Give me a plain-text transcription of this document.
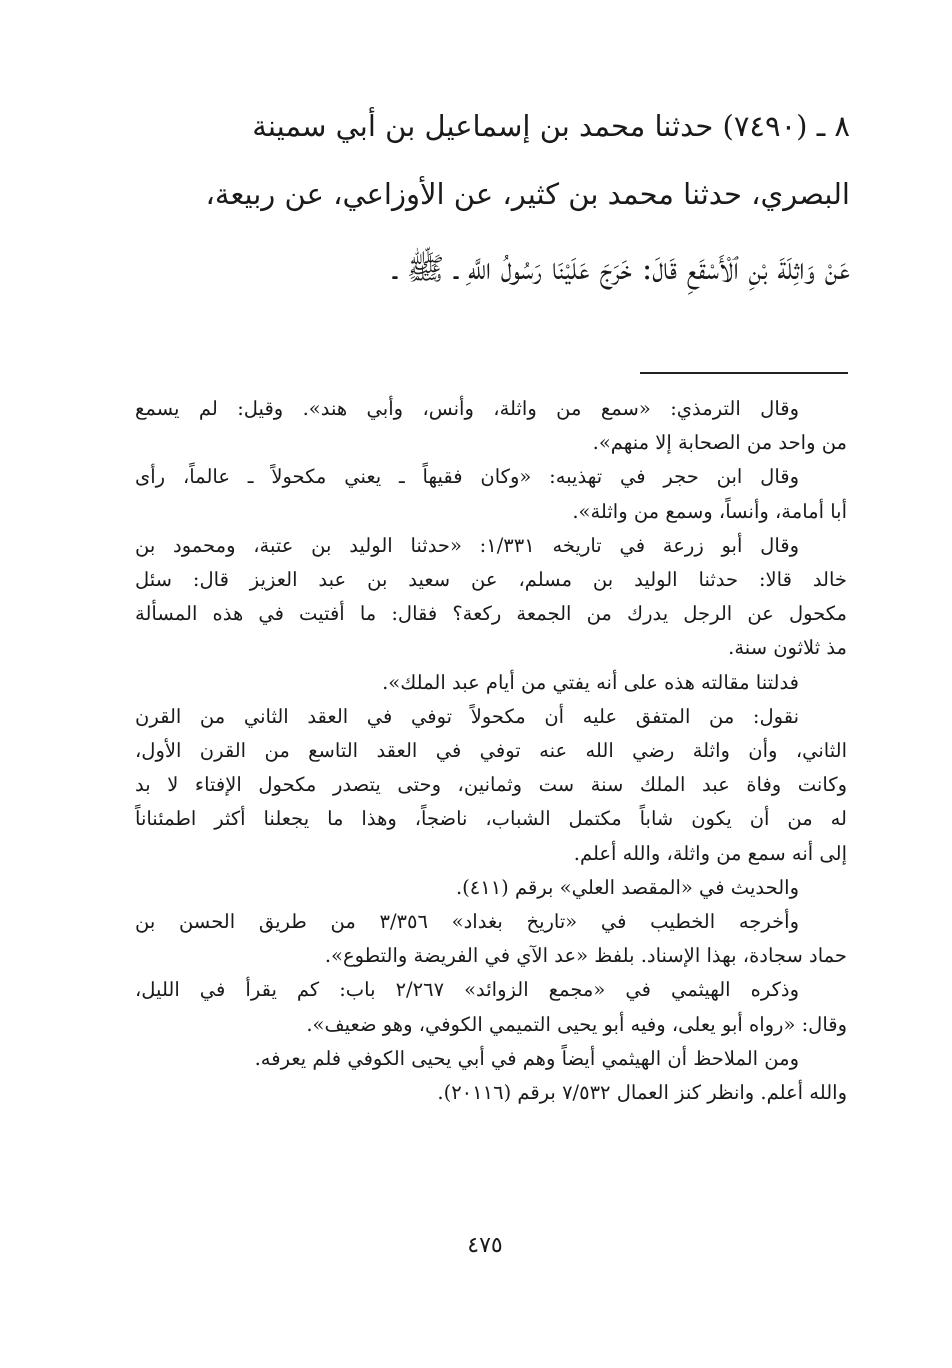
٨ ـ (٧٤٩٠) حدثنا محمد بن إسماعيل بن أبي سمينة
البصري، حدثنا محمد بن كثير، عن الأوزاعي، عن ربيعة،
عَنْ وَاثِلَةَ بْنِ ٱلْأَسْقَعِ قَالَ: خَرَجَ عَلَيْنَا رَسُولُ اللَّهِ ـ ﷺ ـ
وقال الترمذي: «سمع من واثلة، وأنس، وأبي هند». وقيل: لم يسمع
من واحد من الصحابة إلا منهم».
وقال ابن حجر في تهذيبه: «وكان فقيهاً ـ يعني مكحولاً ـ عالماً، رأى
أبا أمامة، وأنساً، وسمع من واثلة».
وقال أبو زرعة في تاريخه ١/٣٣١: «حدثنا الوليد بن عتبة، ومحمود بن
خالد قالا: حدثنا الوليد بن مسلم، عن سعيد بن عبد العزيز قال: سئل
مكحول عن الرجل يدرك من الجمعة ركعة؟ فقال: ما أفتيت في هذه المسألة
مذ ثلاثون سنة.
فدلتنا مقالته هذه على أنه يفتي من أيام عبد الملك».
نقول: من المتفق عليه أن مكحولاً توفي في العقد الثاني من القرن
الثاني، وأن واثلة رضي الله عنه توفي في العقد التاسع من القرن الأول،
وكانت وفاة عبد الملك سنة ست وثمانين، وحتى يتصدر مكحول الإفتاء لا بد
له من أن يكون شاباً مكتمل الشباب، ناضجاً، وهذا ما يجعلنا أكثر اطمئناناً
إلى أنه سمع من واثلة، والله أعلم.
والحديث في «المقصد العلي» برقم (٤١١).
وأخرجه الخطيب في «تاريخ بغداد» ٣/٣٥٦ من طريق الحسن بن
حماد سجادة، بهذا الإسناد. بلفظ «عد الآي في الفريضة والتطوع».
وذكره الهيثمي في «مجمع الزوائد» ٢/٢٦٧ باب: كم يقرأ في الليل،
وقال: «رواه أبو يعلى، وفيه أبو يحيى التميمي الكوفي، وهو ضعيف».
ومن الملاحظ أن الهيثمي أيضاً وهم في أبي يحيى الكوفي فلم يعرفه.
والله أعلم. وانظر كنز العمال ٧/٥٣٢ برقم (٢٠١١٦).
٤٧٥
